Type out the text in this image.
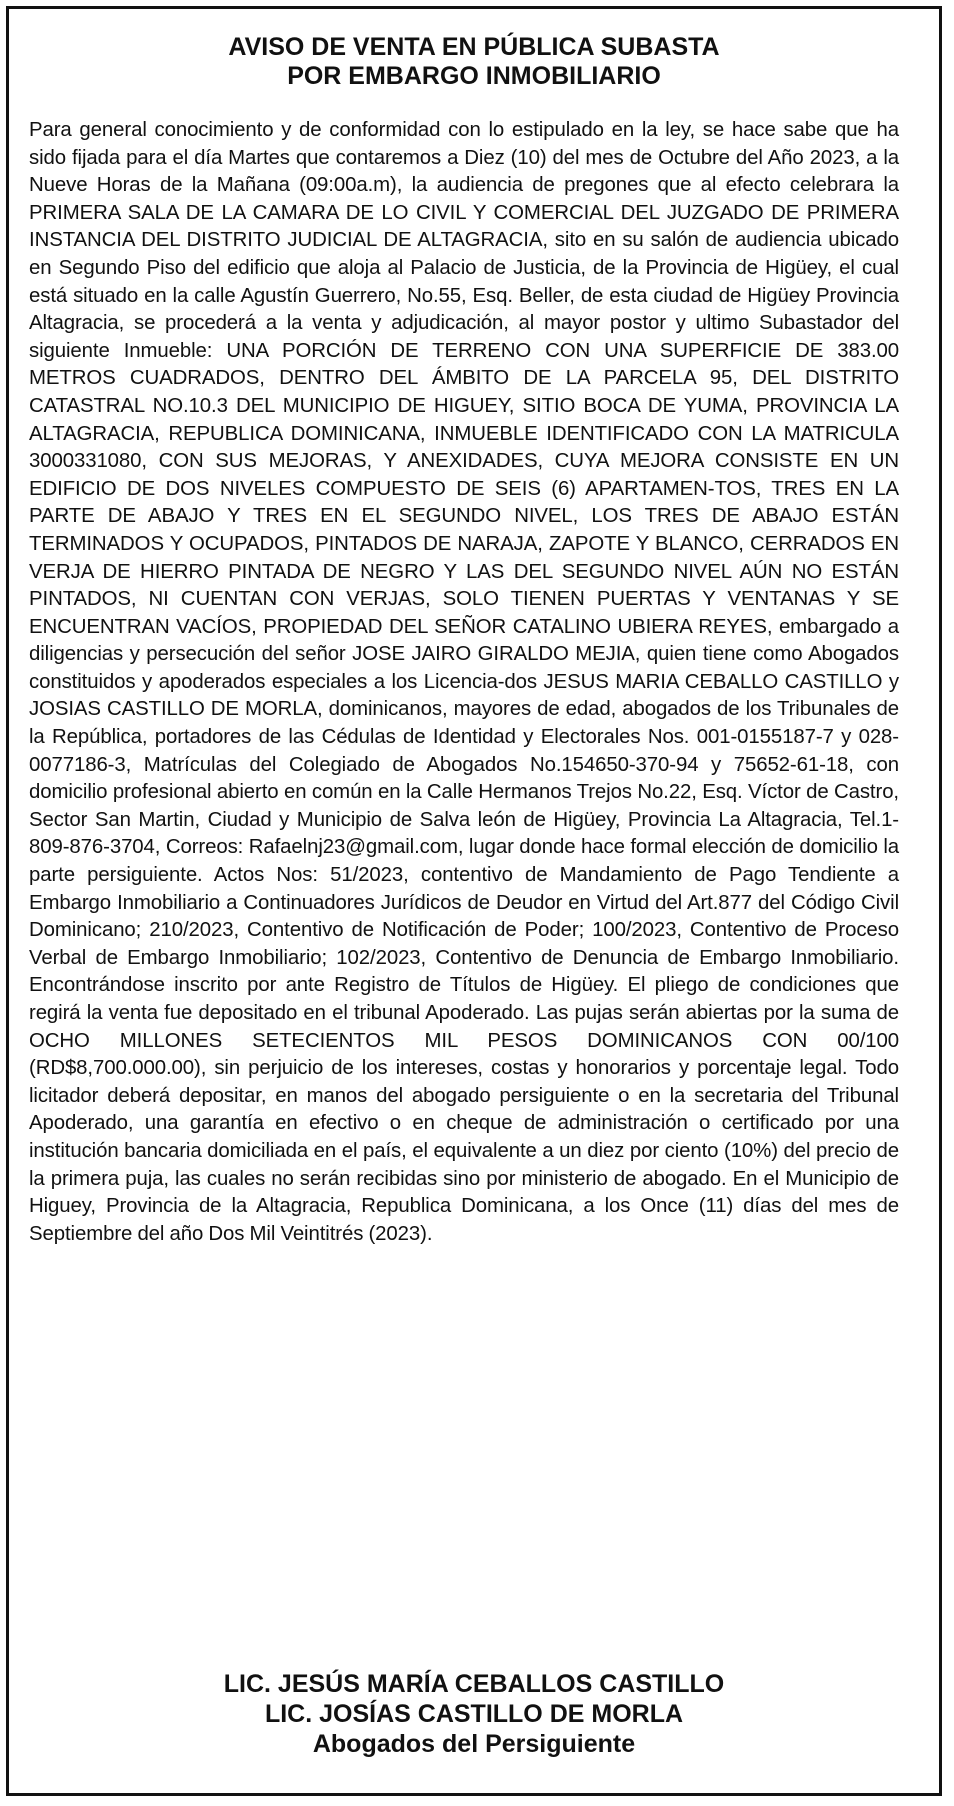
AVISO DE VENTA EN PÚBLICA SUBASTA
POR EMBARGO INMOBILIARIO
Para general conocimiento y de conformidad con lo estipulado en la ley, se hace sabe que ha sido fijada para el día Martes que contaremos a Diez (10) del mes de Octubre del Año 2023, a la Nueve Horas de la Mañana (09:00a.m), la audiencia de pregones que al efecto celebrara la PRIMERA SALA DE LA CAMARA DE LO CIVIL Y COMERCIAL DEL JUZGADO DE PRIMERA INSTANCIA DEL DISTRITO JUDICIAL DE ALTAGRACIA, sito en su salón de audiencia ubicado en Segundo Piso del edificio que aloja al Palacio de Justicia, de la Provincia de Higüey, el cual está situado en la calle Agustín Guerrero, No.55, Esq. Beller, de esta ciudad de Higüey Provincia Altagracia, se procederá a la venta y adjudicación, al mayor postor y ultimo Subastador del siguiente Inmueble: UNA PORCIÓN DE TERRENO CON UNA SUPERFICIE DE 383.00 METROS CUADRADOS, DENTRO DEL ÁMBITO DE LA PARCELA 95, DEL DISTRITO CATASTRAL NO.10.3 DEL MUNICIPIO DE HIGUEY, SITIO BOCA DE YUMA, PROVINCIA LA ALTAGRACIA, REPUBLICA DOMINICANA, INMUEBLE IDENTIFICADO CON LA MATRICULA 3000331080, CON SUS MEJORAS, Y ANEXIDADES, CUYA MEJORA CONSISTE EN UN EDIFICIO DE DOS NIVELES COMPUESTO DE SEIS (6) APARTAMEN-TOS, TRES EN LA PARTE DE ABAJO Y TRES EN EL SEGUNDO NIVEL, LOS TRES DE ABAJO ESTÁN TERMINADOS Y OCUPADOS, PINTADOS DE NARAJA, ZAPOTE Y BLANCO, CERRADOS EN VERJA DE HIERRO PINTADA DE NEGRO Y LAS DEL SEGUNDO NIVEL AÚN NO ESTÁN PINTADOS, NI CUENTAN CON VERJAS, SOLO TIENEN PUERTAS Y VENTANAS Y SE ENCUENTRAN VACÍOS, PROPIEDAD DEL SEÑOR CATALINO UBIERA REYES, embargado a diligencias y persecución del señor JOSE JAIRO GIRALDO MEJIA, quien tiene como Abogados constituidos y apoderados especiales a los Licencia-dos JESUS MARIA CEBALLO CASTILLO y JOSIAS CASTILLO DE MORLA, dominicanos, mayores de edad, abogados de los Tribunales de la República, portadores de las Cédulas de Identidad y Electorales Nos. 001-0155187-7 y 028-0077186-3, Matrículas del Colegiado de Abogados No.154650-370-94 y 75652-61-18, con domicilio profesional abierto en común en la Calle Hermanos Trejos No.22, Esq. Víctor de Castro, Sector San Martin, Ciudad y Municipio de Salva león de Higüey, Provincia La Altagracia, Tel.1-809-876-3704, Correos: Rafaelnj23@gmail.com, lugar donde hace formal elección de domicilio la parte persiguiente. Actos Nos: 51/2023, contentivo de Mandamiento de Pago Tendiente a Embargo Inmobiliario a Continuadores Jurídicos de Deudor en Virtud del Art.877 del Código Civil Dominicano; 210/2023, Contentivo de Notificación de Poder; 100/2023, Contentivo de Proceso Verbal de Embargo Inmobiliario; 102/2023, Contentivo de Denuncia de Embargo Inmobiliario. Encontrándose inscrito por ante Registro de Títulos de Higüey. El pliego de condiciones que regirá la venta fue depositado en el tribunal Apoderado. Las pujas serán abiertas por la suma de OCHO MILLONES SETECIENTOS MIL PESOS DOMINICANOS CON 00/100 (RD$8,700.000.00), sin perjuicio de los intereses, costas y honorarios y porcentaje legal. Todo licitador deberá depositar, en manos del abogado persiguiente o en la secretaria del Tribunal Apoderado, una garantía en efectivo o en cheque de administración o certificado por una institución bancaria domiciliada en el país, el equivalente a un diez por ciento (10%) del precio de la primera puja, las cuales no serán recibidas sino por ministerio de abogado. En el Municipio de Higuey, Provincia de la Altagracia, Republica Dominicana, a los Once (11) días del mes de Septiembre del año Dos Mil Veintitrés (2023).
LIC. JESÚS MARÍA CEBALLOS CASTILLO
LIC. JOSÍAS CASTILLO DE MORLA
Abogados del Persiguiente
